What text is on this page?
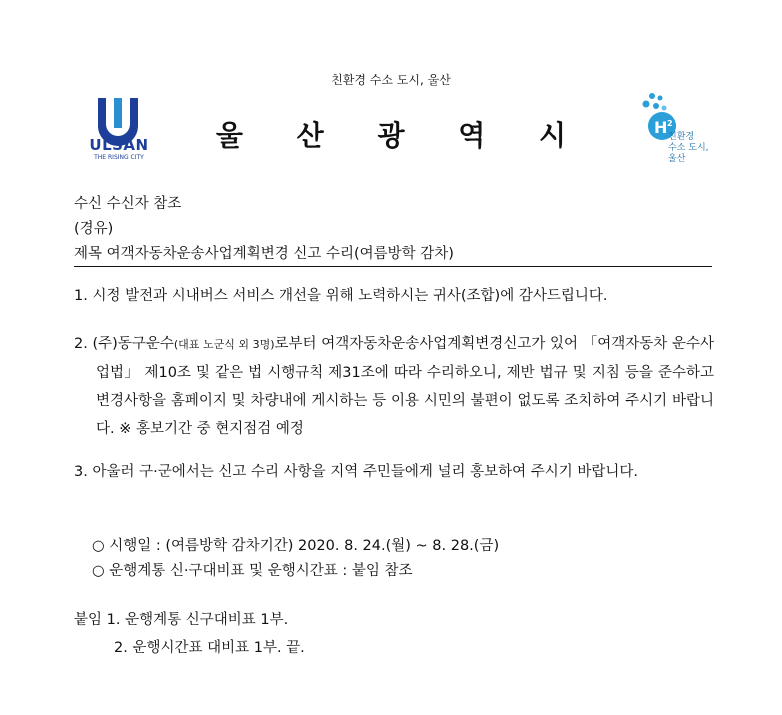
친환경 수소 도시, 울산
울 산 광 역 시
ULSAN
THE RISING CITY
H 2
친환경
수소 도시,
울산
수신 수신자 참조
(경유)
제목 여객자동차운송사업계획변경 신고 수리(여름방학 감차)
1. 시정 발전과 시내버스 서비스 개선을 위해 노력하시는 귀사(조합)에 감사드립니다.
2. (주)동구운수(대표 노군식 외 3명)로부터 여객자동차운송사업계획변경신고가 있어 「여객자동차 운수사업법」 제10조 및 같은 법 시행규칙 제31조에 따라 수리하오니, 제반 법규 및 지침 등을 준수하고 변경사항을 홈페이지 및 차량내에 게시하는 등 이용 시민의 불편이 없도록 조치하여 주시기 바랍니다. ※ 홍보기간 중 현지점검 예정
3. 아울러 구·군에서는 신고 수리 사항을 지역 주민들에게 널리 홍보하여 주시기 바랍니다.
○ 시행일 : (여름방학 감차기간) 2020. 8. 24.(월) ~ 8. 28.(금)
○ 운행계통 신·구대비표 및 운행시간표 : 붙임 참조
붙임 1. 운행계통 신구대비표 1부.
2. 운행시간표 대비표 1부. 끝.
